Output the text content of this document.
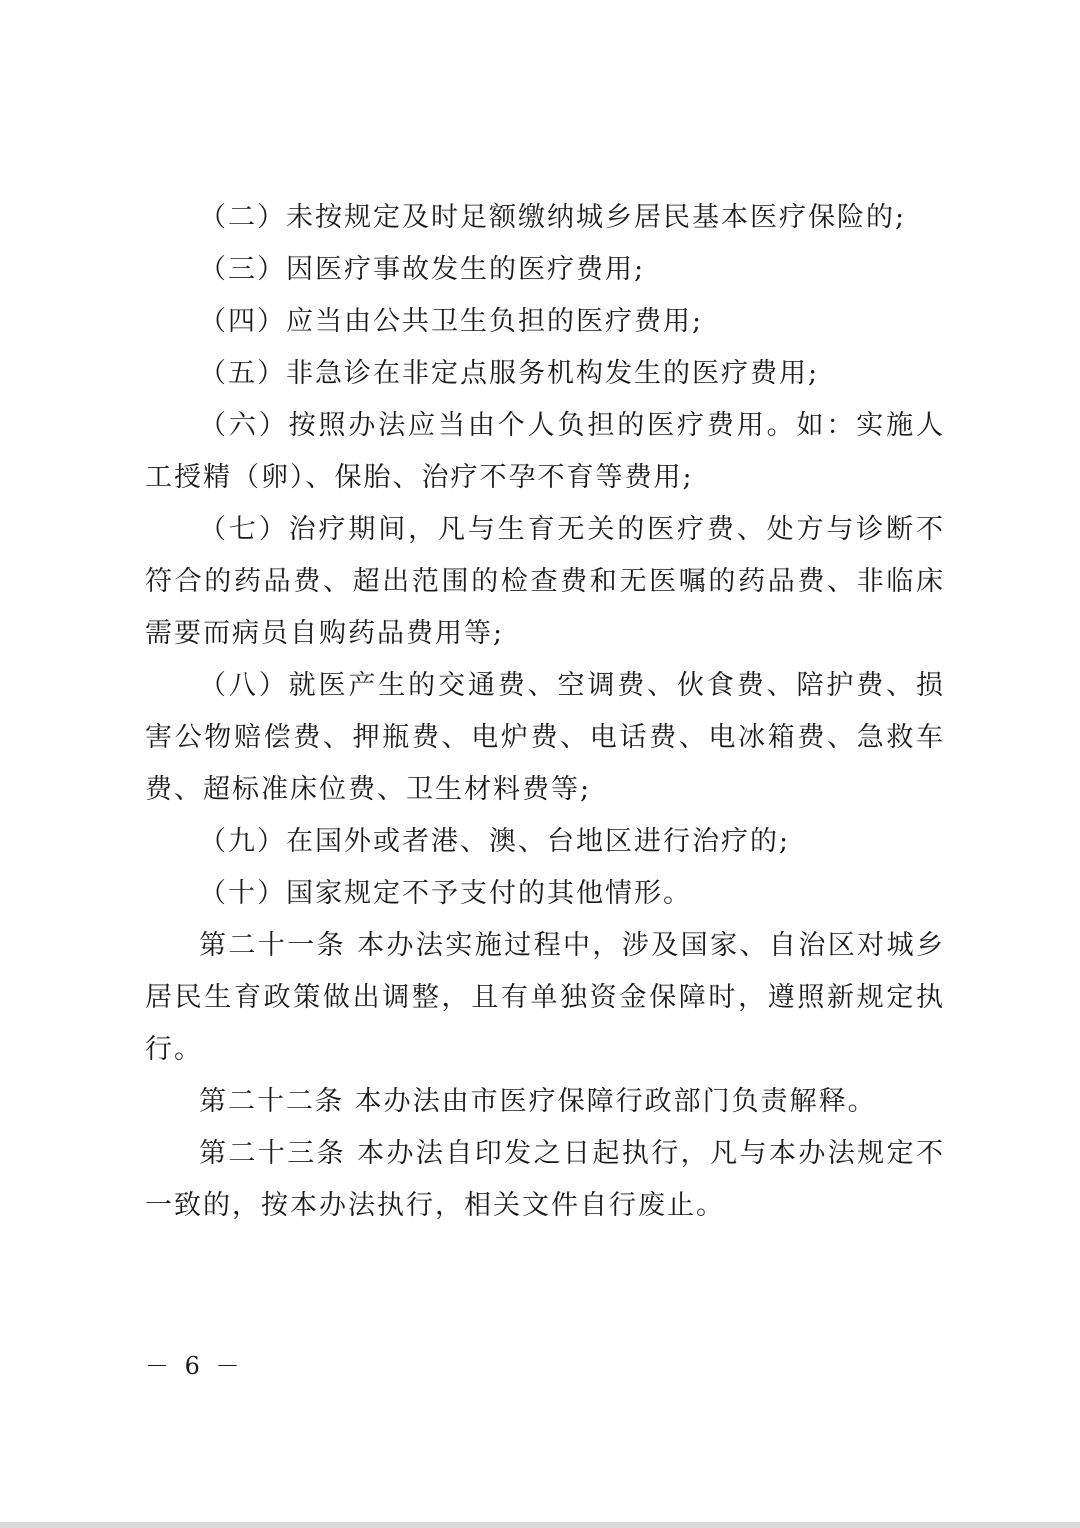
（二）未按规定及时足额缴纳城乡居民基本医疗保险的;

（三）因医疗事故发生的医疗费用;

（四）应当由公共卫生负担的医疗费用;

（五）非急诊在非定点服务机构发生的医疗费用;

（六）按照办法应当由个人负担的医疗费用。如：实施人工授精（卵）、保胎、治疗不孕不育等费用;

（七）治疗期间，凡与生育无关的医疗费、处方与诊断不符合的药品费、超出范围的检查费和无医嘱的药品费、非临床需要而病员自购药品费用等;

（八）就医产生的交通费、空调费、伙食费、陪护费、损害公物赔偿费、押瓶费、电炉费、电话费、电冰箱费、急救车费、超标准床位费、卫生材料费等;

（九）在国外或者港、澳、台地区进行治疗的;

（十）国家规定不予支付的其他情形。

第二十一条 本办法实施过程中，涉及国家、自治区对城乡居民生育政策做出调整，且有单独资金保障时，遵照新规定执行。

第二十二条 本办法由市医疗保障行政部门负责解释。

第二十三条 本办法自印发之日起执行，凡与本办法规定不一致的，按本办法执行，相关文件自行废止。

－ 6 －
